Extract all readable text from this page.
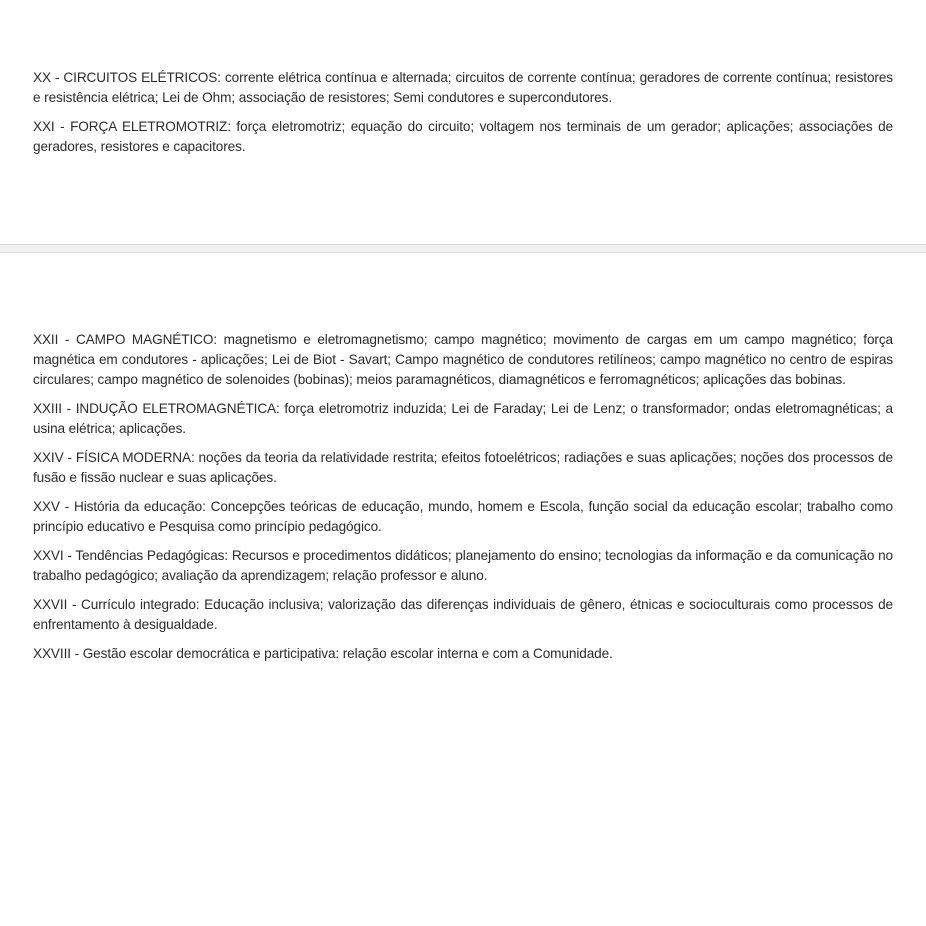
XX - CIRCUITOS ELÉTRICOS: corrente elétrica contínua e alternada; circuitos de corrente contínua; geradores de corrente contínua; resistores e resistência elétrica; Lei de Ohm; associação de resistores; Semi condutores e supercondutores.

XXI - FORÇA ELETROMOTRIZ: força eletromotriz; equação do circuito; voltagem nos terminais de um gerador; aplicações; associações de geradores, resistores e capacitores.

XXII - CAMPO MAGNÉTICO: magnetismo e eletromagnetismo; campo magnético; movimento de cargas em um campo magnético; força magnética em condutores - aplicações; Lei de Biot - Savart; Campo magnético de condutores retilíneos; campo magnético no centro de espiras circulares; campo magnético de solenoides (bobinas); meios paramagnéticos, diamagnéticos e ferromagnéticos; aplicações das bobinas.

XXIII - INDUÇÃO ELETROMAGNÉTICA: força eletromotriz induzida; Lei de Faraday; Lei de Lenz; o transformador; ondas eletromagnéticas; a usina elétrica; aplicações.

XXIV - FÍSICA MODERNA: noções da teoria da relatividade restrita; efeitos fotoelétricos; radiações e suas aplicações; noções dos processos de fusão e fissão nuclear e suas aplicações.

XXV - História da educação: Concepções teóricas de educação, mundo, homem e Escola, função social da educação escolar; trabalho como princípio educativo e Pesquisa como princípio pedagógico.

XXVI - Tendências Pedagógicas: Recursos e procedimentos didáticos; planejamento do ensino; tecnologias da informação e da comunicação no trabalho pedagógico; avaliação da aprendizagem; relação professor e aluno.

XXVII - Currículo integrado: Educação inclusiva; valorização das diferenças individuais de gênero, étnicas e socioculturais como processos de enfrentamento à desigualdade.

XXVIII - Gestão escolar democrática e participativa: relação escolar interna e com a Comunidade.
